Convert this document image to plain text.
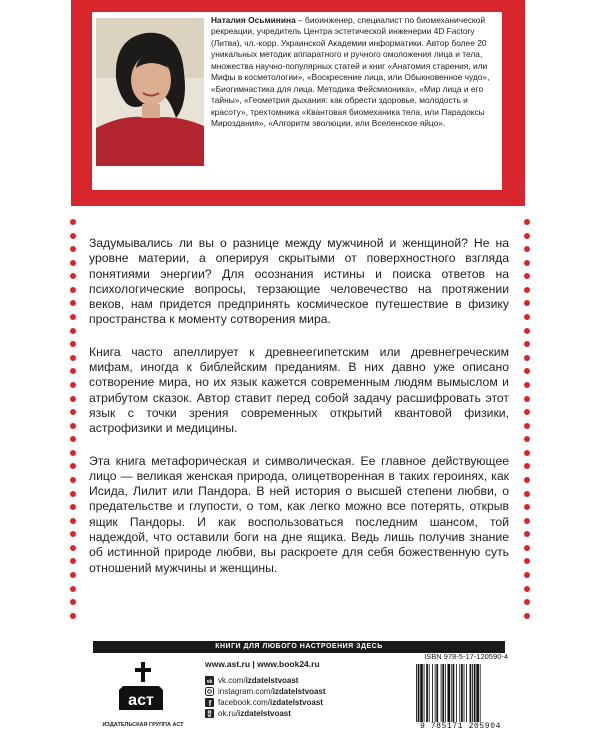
Наталия Осьминина – биоинженер, специалист по биомеханической рекреации, учредитель Центра эстетической инженерии 4D Factory (Литва), чл.-корр. Украинской Академии информатики. Автор более 20 уникальных методик аппаратного и ручного омоложения лица и тела, множества научно-популярных статей и книг «Анатомия старения, или Мифы в косметологии», «Воскресение лица, или Обыкновенное чудо», «Биогимнастика для лица. Методика Фейсмионика», «Мир лица и его тайны», «Геометрия дыхания: как обрести здоровье, молодость и красоту», трехтомника «Квантовая биомеханика тела, или Парадоксы Мироздания», «Алгоритм эволюции, или Вселенское яйцо».

Задумывались ли вы о разнице между мужчиной и женщиной? Не на уровне материи, а оперируя скрытыми от поверхностного взгляда понятиями энергии? Для осознания истины и поиска ответов на психологические вопросы, терзающие человечество на протяжении веков, нам придется предпринять космическое путешествие в физику пространства к моменту сотворения мира.

Книга часто апеллирует к древнеегипетским или древнегреческим мифам, иногда к библейским преданиям. В них давно уже описано сотворение мира, но их язык кажется современным людям вымыслом и атрибутом сказок. Автор ставит перед собой задачу расшифровать этот язык с точки зрения современных открытий квантовой физики, астрофизики и медицины.

Эта книга метафорическая и символическая. Ее главное действующее лицо — великая женская природа, олицетворенная в таких героинях, как Исида, Лилит или Пандора. В ней история о высшей степени любви, о предательстве и глупости, о том, как легко можно все потерять, открыв ящик Пандоры. И как воспользоваться последним шансом, той надеждой, что оставили боги на дне ящика. Ведь лишь получив знание об истинной природе любви, вы раскроете для себя божественную суть отношений мужчины и женщины.

КНИГИ ДЛЯ ЛЮБОГО НАСТРОЕНИЯ ЗДЕСЬ
аст
ИЗДАТЕЛЬСКАЯ ГРУППА АСТ
www.ast.ru | www.book24.ru
vk vk.com/ izdatelstvoast
instagram.com/ izdatelstvoast
f facebook.com/ izdatelstvoast
ok.ru/ izdatelstvoast
ISBN 978-5-17-120590-4
9 785171 205904
